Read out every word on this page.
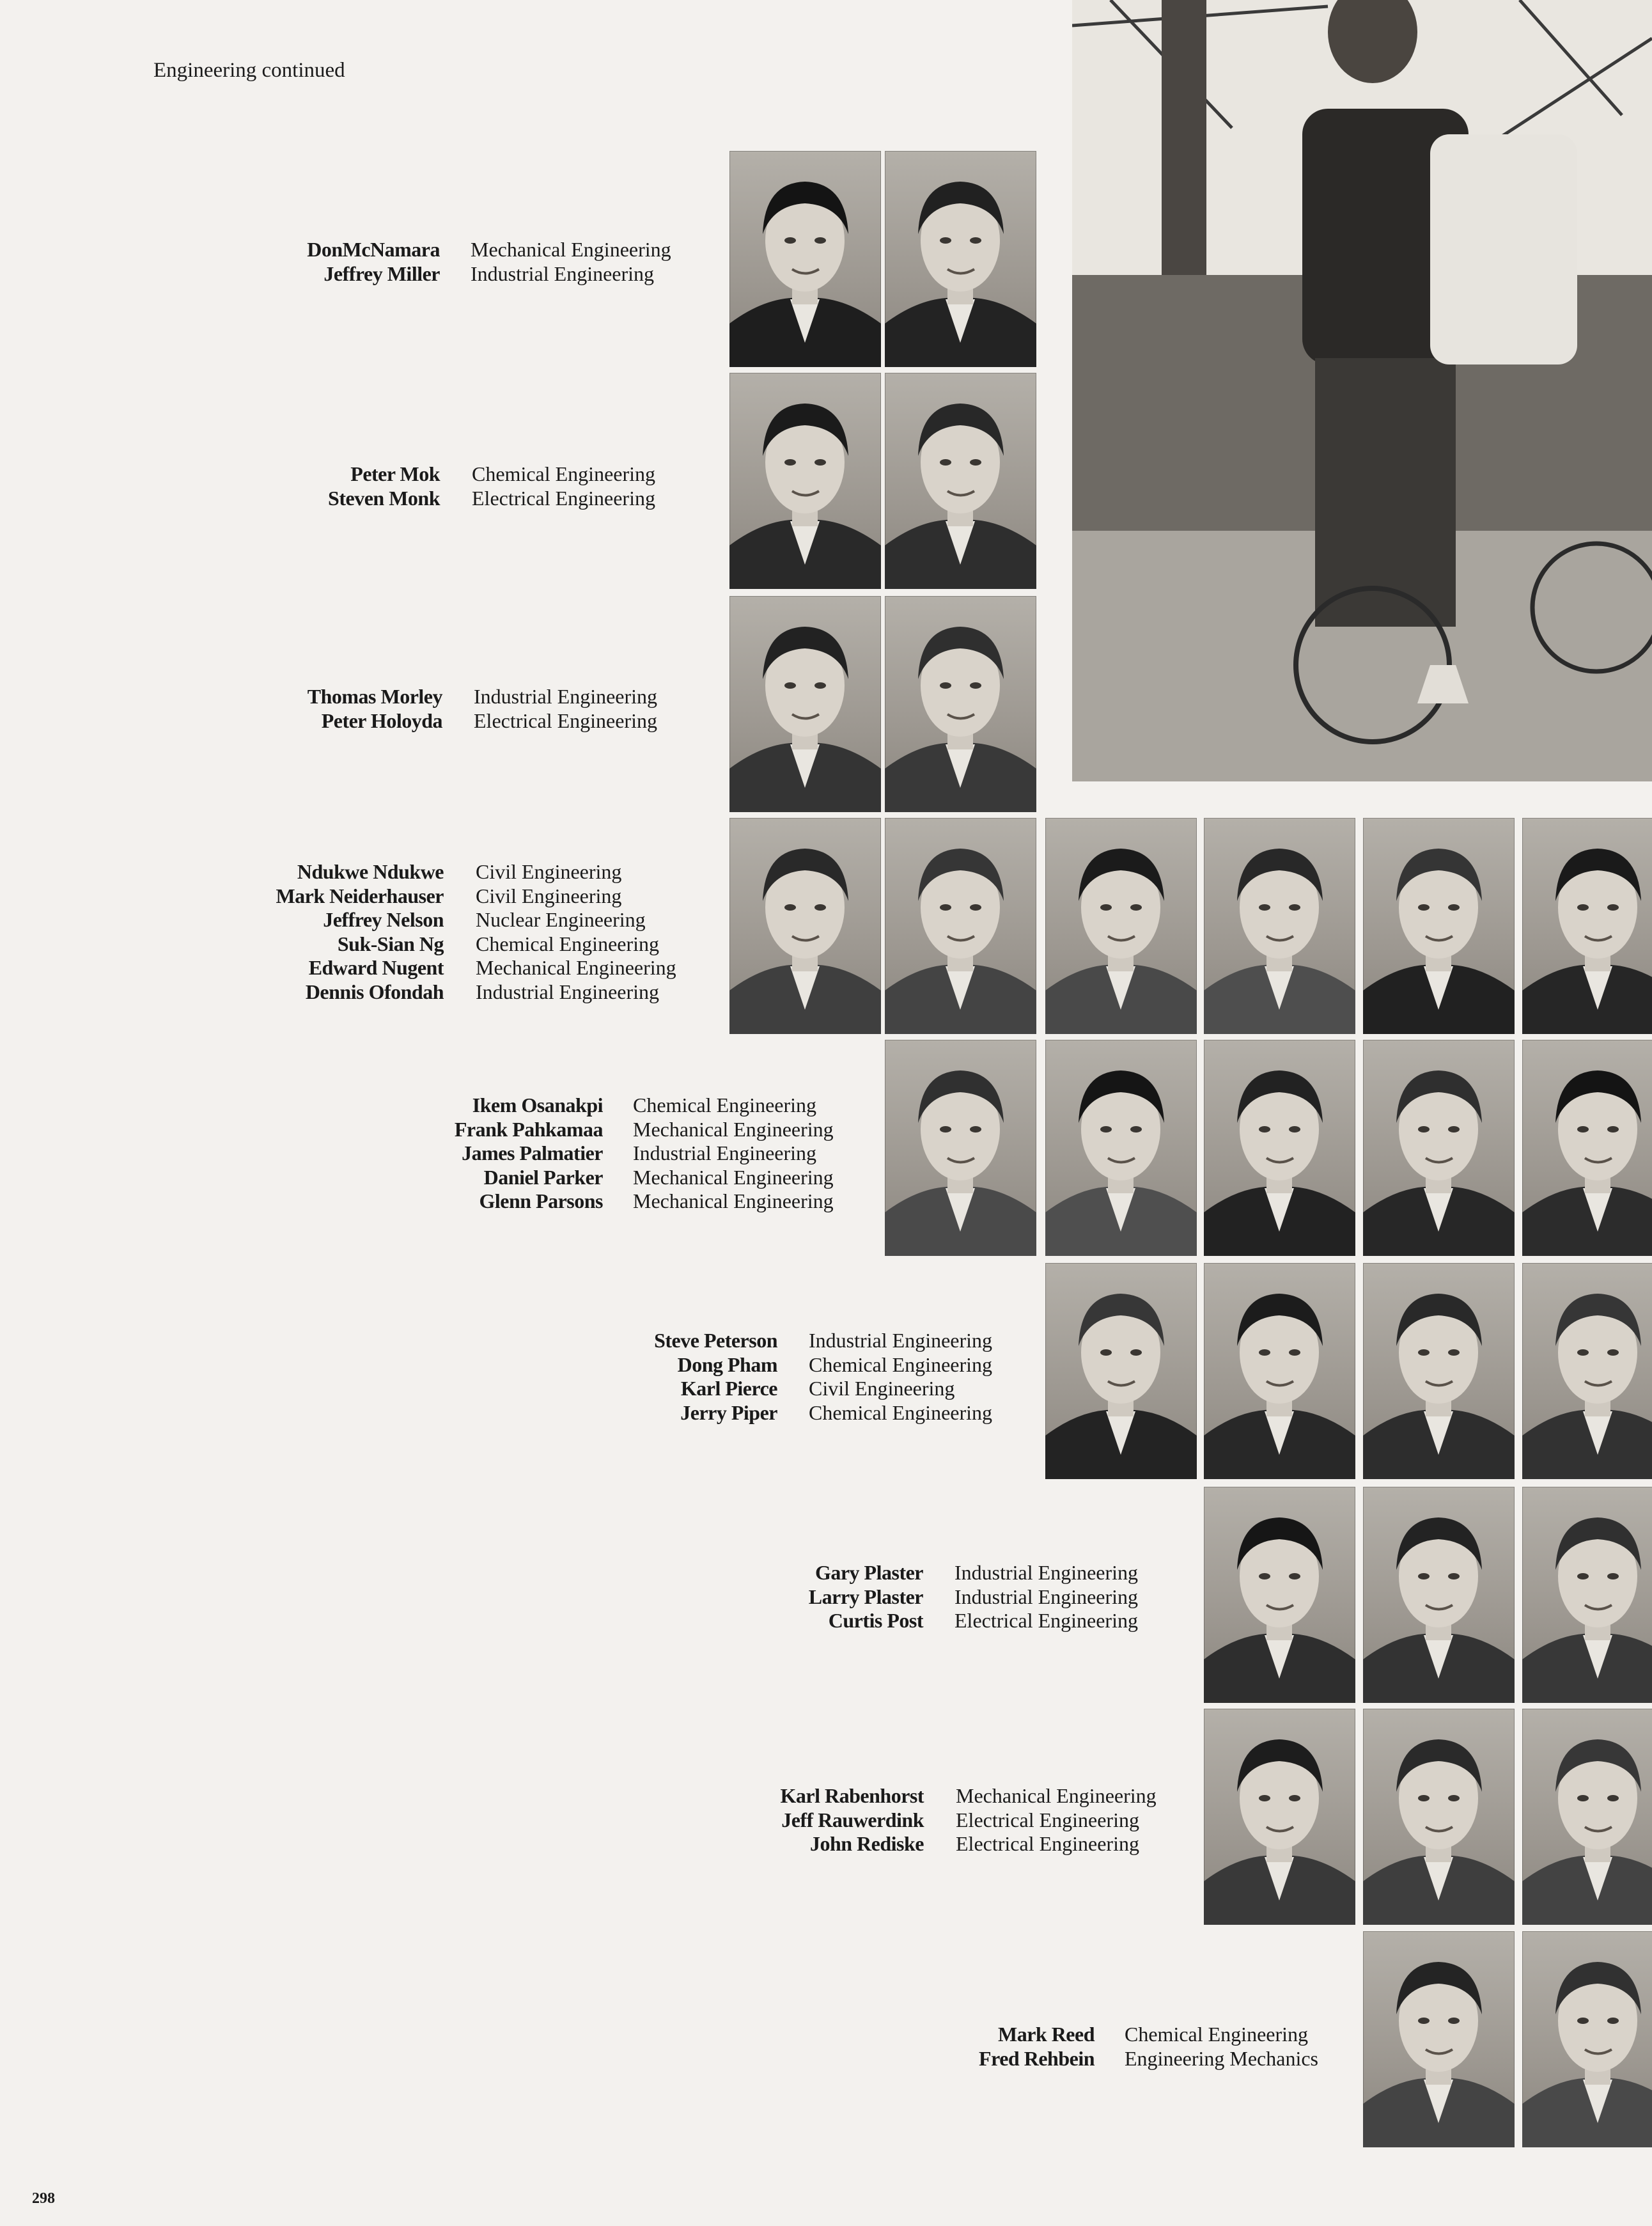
Engineering continued
DonMcNamara
Jeffrey Miller
Mechanical Engineering
Industrial Engineering
Peter Mok
Steven Monk
Chemical Engineering
Electrical Engineering
Thomas Morley
Peter Holoyda
Industrial Engineering
Electrical Engineering
Ndukwe Ndukwe
Mark Neiderhauser
Jeffrey Nelson
Suk-Sian Ng
Edward Nugent
Dennis Ofondah
Civil Engineering
Civil Engineering
Nuclear Engineering
Chemical Engineering
Mechanical Engineering
Industrial Engineering
Ikem Osanakpi
Frank Pahkamaa
James Palmatier
Daniel Parker
Glenn Parsons
Chemical Engineering
Mechanical Engineering
Industrial Engineering
Mechanical Engineering
Mechanical Engineering
Steve Peterson
Dong Pham
Karl Pierce
Jerry Piper
Industrial Engineering
Chemical Engineering
Civil Engineering
Chemical Engineering
Gary Plaster
Larry Plaster
Curtis Post
Industrial Engineering
Industrial Engineering
Electrical Engineering
Karl Rabenhorst
Jeff Rauwerdink
John Rediske
Mechanical Engineering
Electrical Engineering
Electrical Engineering
Mark Reed
Fred Rehbein
Chemical Engineering
Engineering Mechanics
298
